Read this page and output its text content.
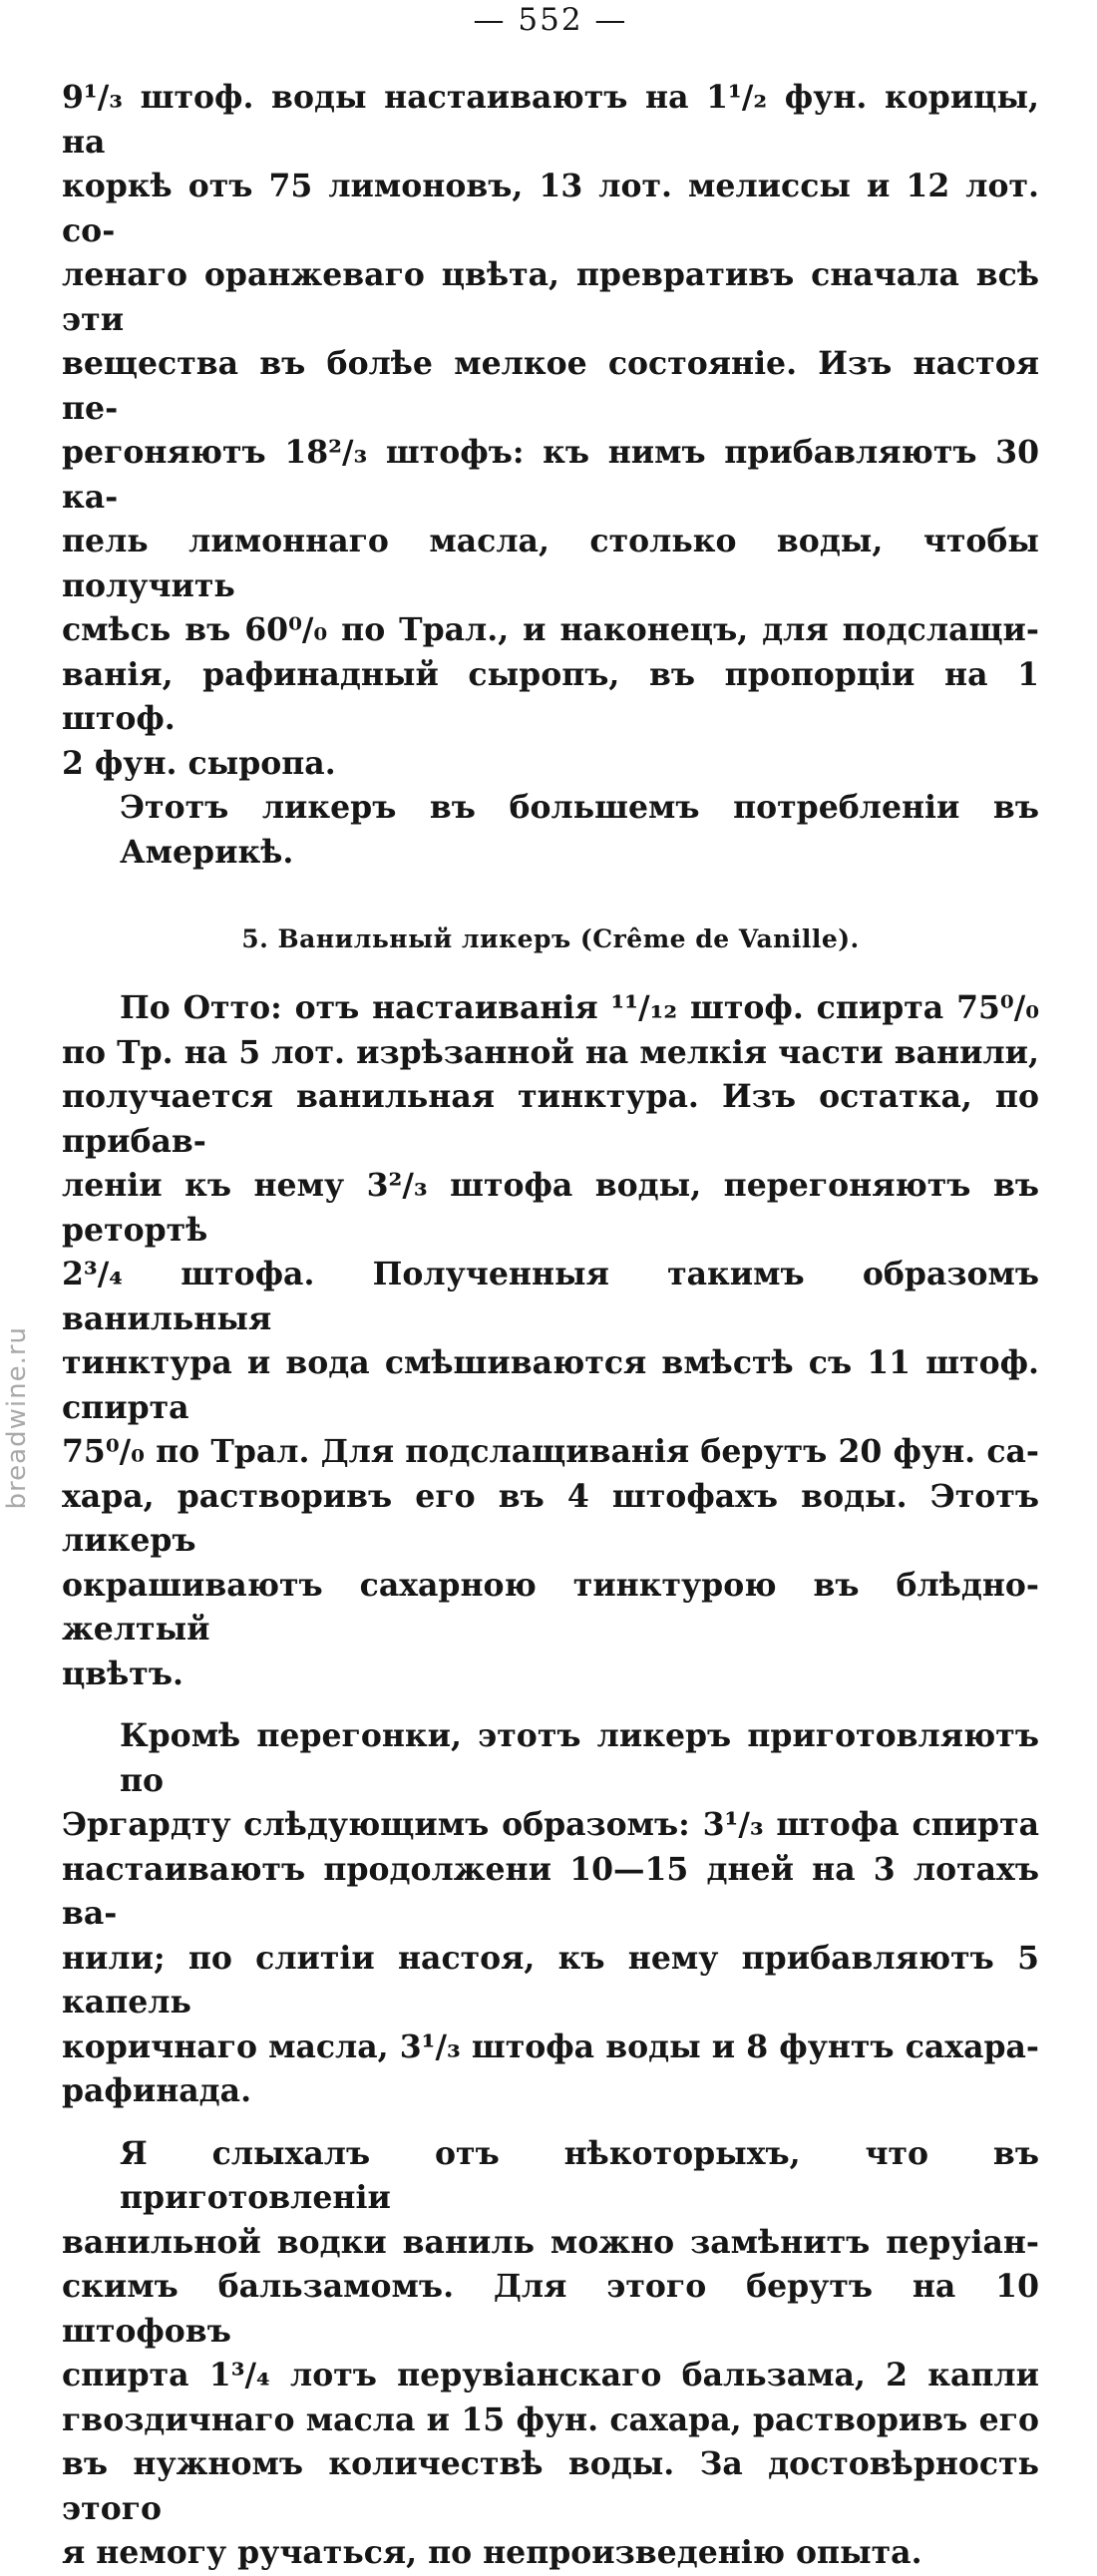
— 552 —
9¹/₃ штоф. воды настаиваютъ на 1¹/₂ фун. корицы, на
коркѣ отъ 75 лимоновъ, 13 лот. мелиссы и 12 лот. со-
ленаго оранжеваго цвѣта, превративъ сначала всѣ эти
вещества въ болѣе мелкое состояніе. Изъ настоя пе-
регоняютъ 18²/₃ штофъ: къ нимъ прибавляютъ 30 ка-
пель лимоннаго масла, столько воды, чтобы получить
смѣсь въ 60⁰/₀ по Трал., и наконецъ, для подслащи-
ванія, рафинадный сыропъ, въ пропорціи на 1 штоф.
2 фун. сыропа.
Этотъ ликеръ въ большемъ потребленіи въ Америкѣ.
5. Ванильный ликеръ (Crême de Vanille).
По Отто: отъ настаиванія ¹¹/₁₂ штоф. спирта 75⁰/₀
по Тр. на 5 лот. изрѣзанной на мелкія части ванили,
получается ванильная тинктура. Изъ остатка, по прибав-
леніи къ нему 3²/₃ штофа воды, перегоняютъ въ ретортѣ
2³/₄ штофа. Полученныя такимъ образомъ ванильныя
тинктура и вода смѣшиваются вмѣстѣ съ 11 штоф. спирта
75⁰/₀ по Трал. Для подслащиванія берутъ 20 фун. са-
хара, растворивъ его въ 4 штофахъ воды. Этотъ ликеръ
окрашиваютъ сахарною тинктурою въ блѣдно-желтый
цвѣтъ.
Кромѣ перегонки, этотъ ликеръ приготовляютъ по
Эргардту слѣдующимъ образомъ: 3¹/₃ штофа спирта
настаиваютъ продолжени 10—15 дней на 3 лотахъ ва-
нили; по слитіи настоя, къ нему прибавляютъ 5 капель
коричнаго масла, 3¹/₃ штофа воды и 8 фунтъ сахара-
рафинада.
Я слыхалъ отъ нѣкоторыхъ, что въ приготовленіи
ванильной водки ваниль можно замѣнитъ перуіан-
скимъ бальзамомъ. Для этого берутъ на 10 штофовъ
спирта 1³/₄ лотъ перувіанскаго бальзама, 2 капли
гвоздичнаго масла и 15 фун. сахара, растворивъ его
въ нужномъ количествѣ воды. За достовѣрность этого
я немогу ручаться, по непроизведенію опыта.
breadwine.ru
